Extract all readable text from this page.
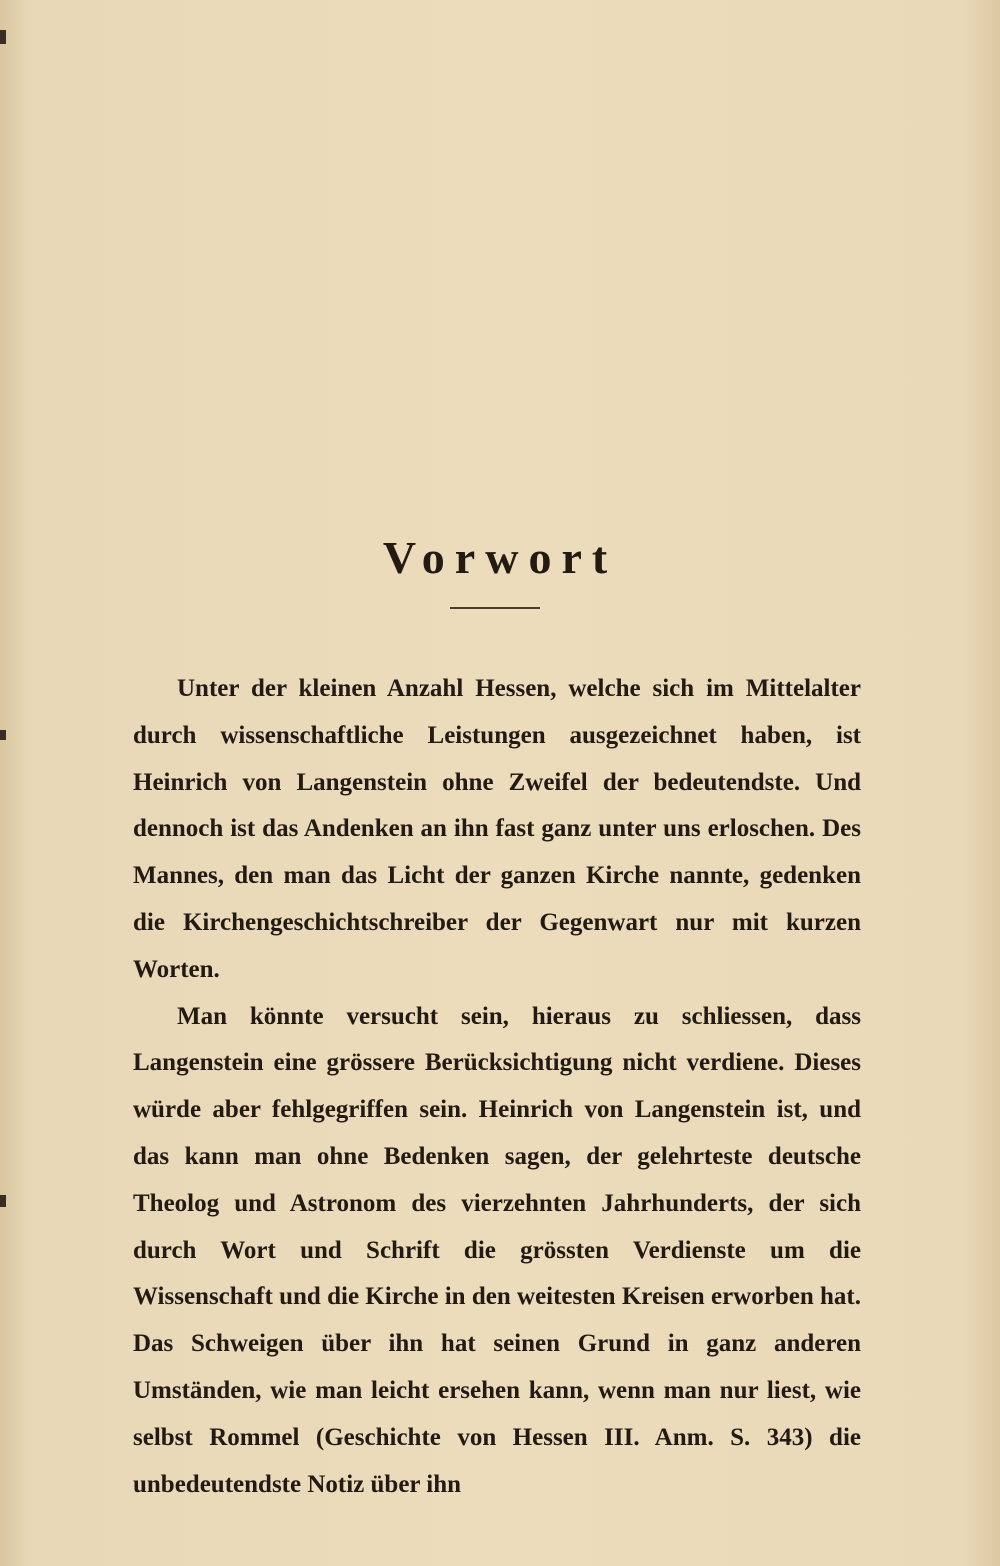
Vorwort

Unter der kleinen Anzahl Hessen, welche sich im Mittelalter durch wissenschaftliche Leistungen ausgezeichnet haben, ist Heinrich von Langenstein ohne Zweifel der bedeutendste. Und dennoch ist das Andenken an ihn fast ganz unter uns erloschen. Des Mannes, den man das Licht der ganzen Kirche nannte, gedenken die Kirchengeschichtschreiber der Gegenwart nur mit kurzen Worten.

Man könnte versucht sein, hieraus zu schliessen, dass Langenstein eine grössere Berücksichtigung nicht verdiene. Dieses würde aber fehlgegriffen sein. Heinrich von Langenstein ist, und das kann man ohne Bedenken sagen, der gelehrteste deutsche Theolog und Astronom des vierzehnten Jahrhunderts, der sich durch Wort und Schrift die grössten Verdienste um die Wissenschaft und die Kirche in den weitesten Kreisen erworben hat. Das Schweigen über ihn hat seinen Grund in ganz anderen Umständen, wie man leicht ersehen kann, wenn man nur liest, wie selbst Rommel (Geschichte von Hessen III. Anm. S. 343) die unbedeutendste Notiz über ihn
